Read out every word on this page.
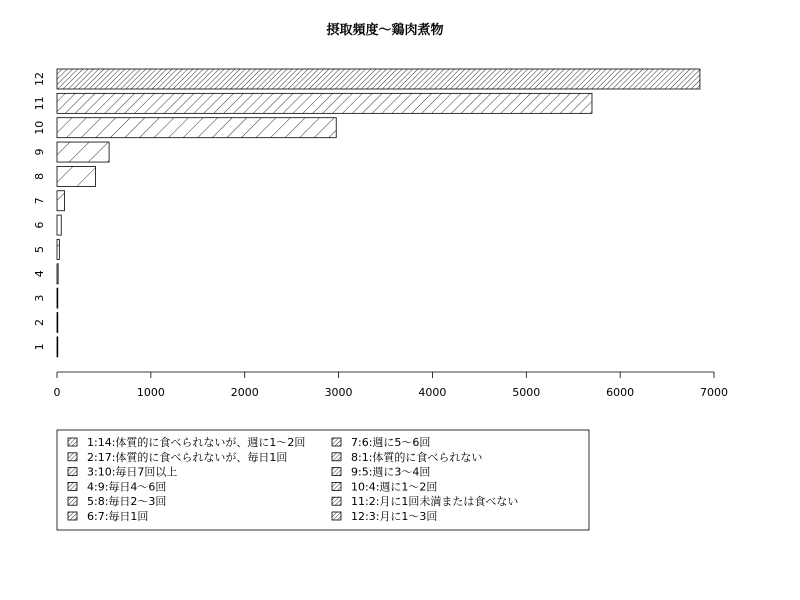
摂取頻度～鶏肉煮物
1
2
3
4
5
6
7
8
9
10
11
12
0	1000	2000	3000	4000	5000	6000	7000
1:14:体質的に食べられないが、週に1～2回
2:17:体質的に食べられないが、毎日1回
3:10:毎日7回以上
4:9:毎日4～6回
5:8:毎日2～3回
6:7:毎日1回
7:6:週に5～6回
8:1:体質的に食べられない
9:5:週に3～4回
10:4:週に1～2回
11:2:月に1回未満または食べない
12:3:月に1～3回
